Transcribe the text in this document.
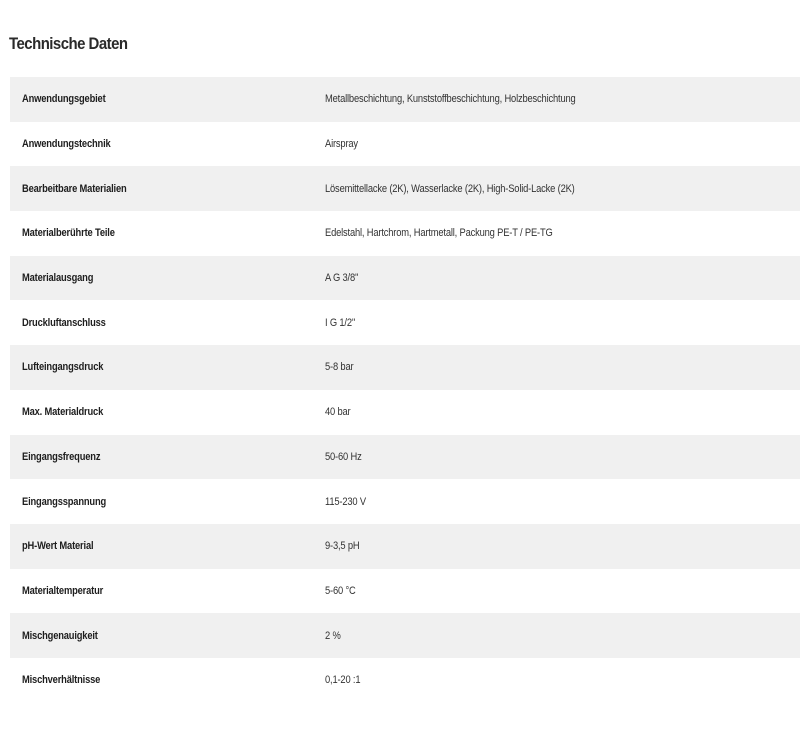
Technische Daten
Anwendungsgebiet	Metallbeschichtung, Kunststoffbeschichtung, Holzbeschichtung
Anwendungstechnik	Airspray
Bearbeitbare Materialien	Lösemittellacke (2K), Wasserlacke (2K), High-Solid-Lacke (2K)
Materialberührte Teile	Edelstahl, Hartchrom, Hartmetall, Packung PE-T / PE-TG
Materialausgang	A G 3/8''
Druckluftanschluss	I G 1/2''
Lufteingangsdruck	5-8 bar
Max. Materialdruck	40 bar
Eingangsfrequenz	50-60 Hz
Eingangsspannung	115-230 V
pH-Wert Material	9-3,5 pH
Materialtemperatur	5-60 °C
Mischgenauigkeit	2 %
Mischverhältnisse	0,1-20 :1
